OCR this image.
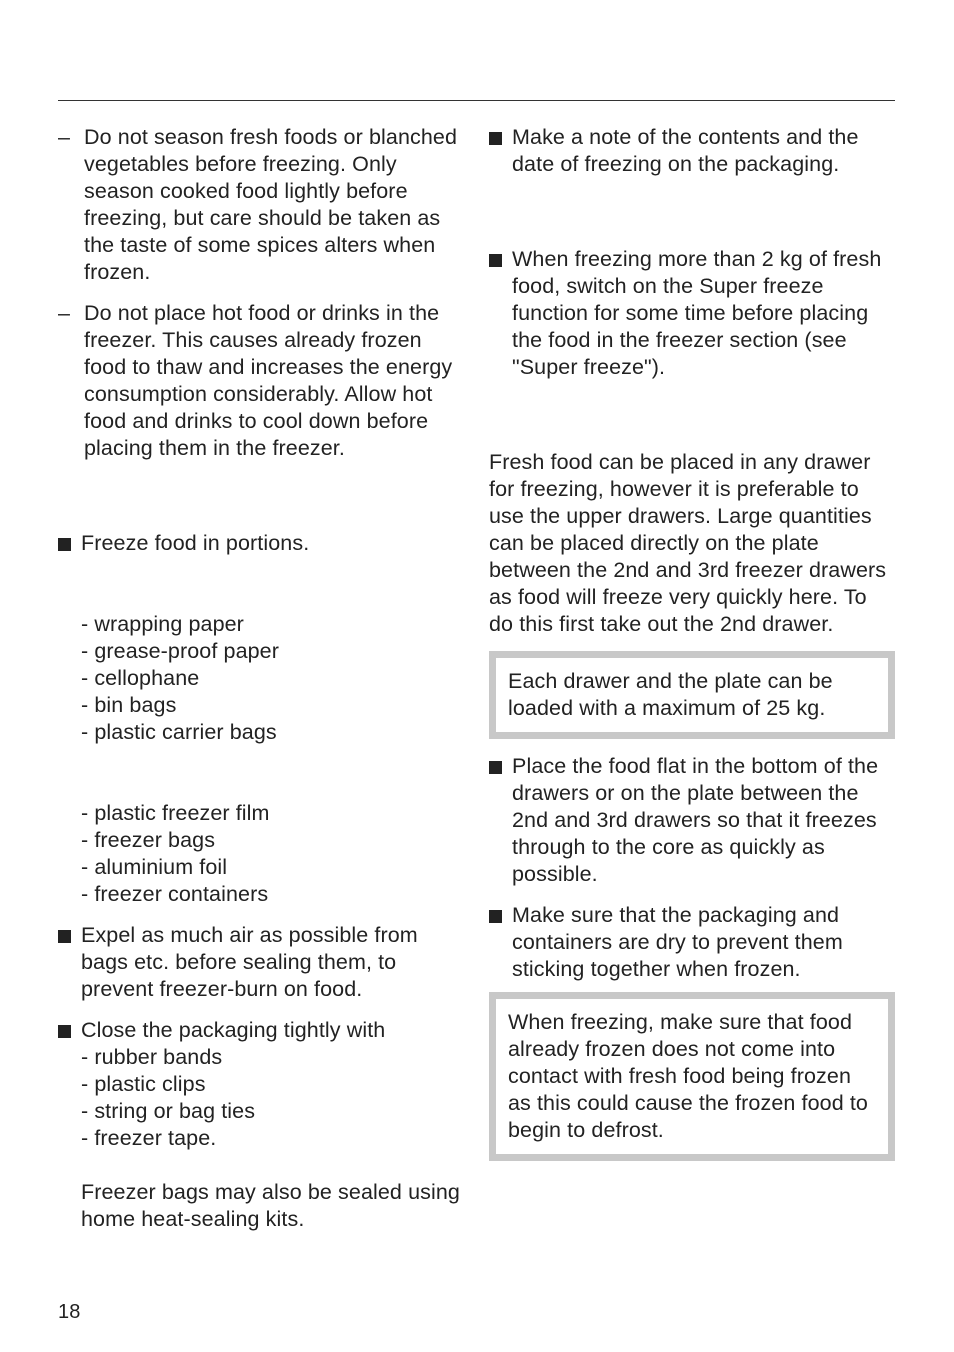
– Do not season fresh foods or blanched vegetables before freezing. Only season cooked food lightly before freezing, but care should be taken as the taste of some spices alters when frozen.
– Do not place hot food or drinks in the freezer. This causes already frozen food to thaw and increases the energy consumption considerably. Allow hot food and drinks to cool down before placing them in the freezer.
Freeze food in portions.
- wrapping paper
- grease-proof paper
- cellophane
- bin bags
- plastic carrier bags
- plastic freezer film
- freezer bags
- aluminium foil
- freezer containers
Expel as much air as possible from bags etc. before sealing them, to prevent freezer-burn on food.
Close the packaging tightly with
- rubber bands
- plastic clips
- string or bag ties
- freezer tape.
Freezer bags may also be sealed using home heat-sealing kits.
Make a note of the contents and the date of freezing on the packaging.
When freezing more than 2 kg of fresh food, switch on the Super freeze function for some time before placing the food in the freezer section (see "Super freeze").

Fresh food can be placed in any drawer for freezing, however it is preferable to use the upper drawers. Large quantities can be placed directly on the plate between the 2nd and 3rd freezer drawers as food will freeze very quickly here. To do this first take out the 2nd drawer.

Each drawer and the plate can be loaded with a maximum of 25 kg.
Place the food flat in the bottom of the drawers or on the plate between the 2nd and 3rd drawers so that it freezes through to the core as quickly as possible.
Make sure that the packaging and containers are dry to prevent them sticking together when frozen.
When freezing, make sure that food already frozen does not come into contact with fresh food being frozen as this could cause the frozen food to begin to defrost.
18
